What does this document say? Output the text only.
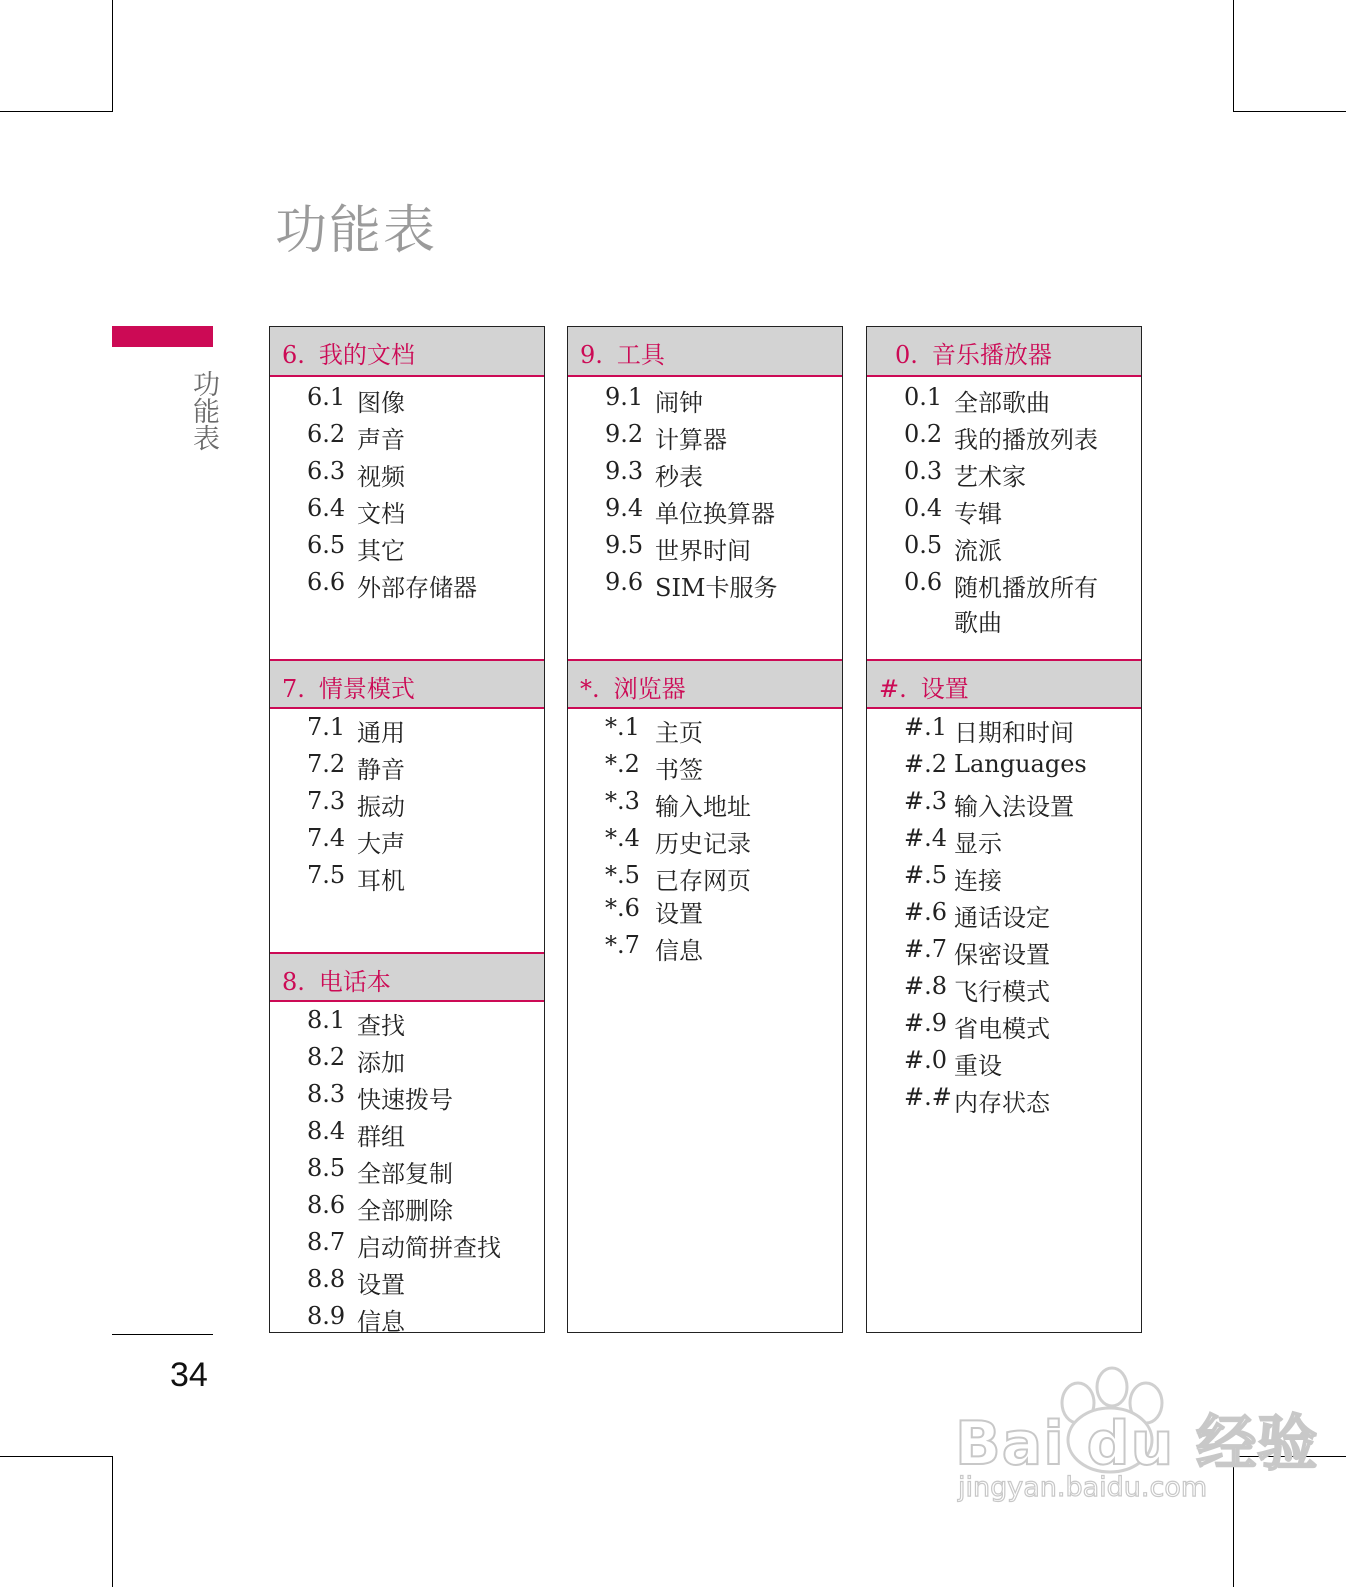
功能表
功能表
34
6. 我的文档
6.1 图像
6.2 声音
6.3 视频
6.4 文档
6.5 其它
6.6 外部存储器
7. 情景模式
7.1 通用
7.2 静音
7.3 振动
7.4 大声
7.5 耳机
8. 电话本
8.1 查找
8.2 添加
8.3 快速拨号
8.4 群组
8.5 全部复制
8.6 全部删除
8.7 启动简拼查找
8.8 设置
8.9 信息
9. 工具
9.1 闹钟
9.2 计算器
9.3 秒表
9.4 单位换算器
9.5 世界时间
9.6 SIM卡服务
*. 浏览器
*.1 主页
*.2 书签
*.3 输入地址
*.4 历史记录
*.5 已存网页
*.6 设置
*.7 信息
0. 音乐播放器
0.1 全部歌曲
0.2 我的播放列表
0.3 艺术家
0.4 专辑
0.5 流派
0.6 随机播放所有
歌曲
#. 设置
#.1 日期和时间
#.2 Languages
#.3 输入法设置
#.4 显示
#.5 连接
#.6 通话设定
#.7 保密设置
#.8 飞行模式
#.9 省电模式
#.0 重设
#.#内存状态
Bai du 经验
jingyan.baidu.com
